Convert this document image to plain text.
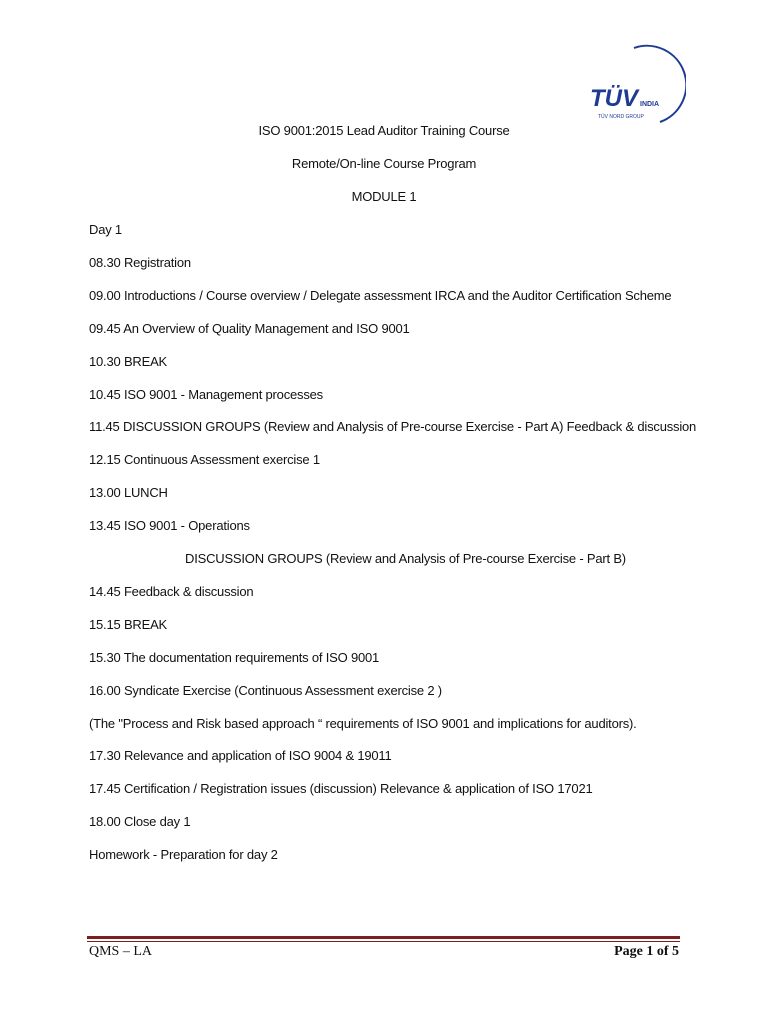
TÜV INDIA
TÜV NORD GROUP
ISO 9001:2015 Lead Auditor Training Course
Remote/On-line Course Program
MODULE 1
Day 1
08.30 Registration
09.00 Introductions / Course overview / Delegate assessment IRCA and the Auditor Certification Scheme
09.45 An Overview of Quality Management and ISO 9001
10.30 BREAK
10.45 ISO 9001 - Management processes
11.45 DISCUSSION GROUPS (Review and Analysis of Pre-course Exercise - Part A) Feedback & discussion
12.15 Continuous Assessment exercise 1
13.00 LUNCH
13.45 ISO 9001 - Operations
DISCUSSION GROUPS (Review and Analysis of Pre-course Exercise - Part B)
14.45 Feedback & discussion
15.15 BREAK
15.30 The documentation requirements of ISO 9001
16.00 Syndicate Exercise (Continuous Assessment exercise 2 )
(The "Process and Risk based approach “ requirements of ISO 9001 and implications for auditors).
17.30 Relevance and application of ISO 9004 & 19011
17.45 Certification / Registration issues (discussion) Relevance & application of ISO 17021
18.00 Close day 1
Homework - Preparation for day 2
QMS – LA	Page 1 of 5
